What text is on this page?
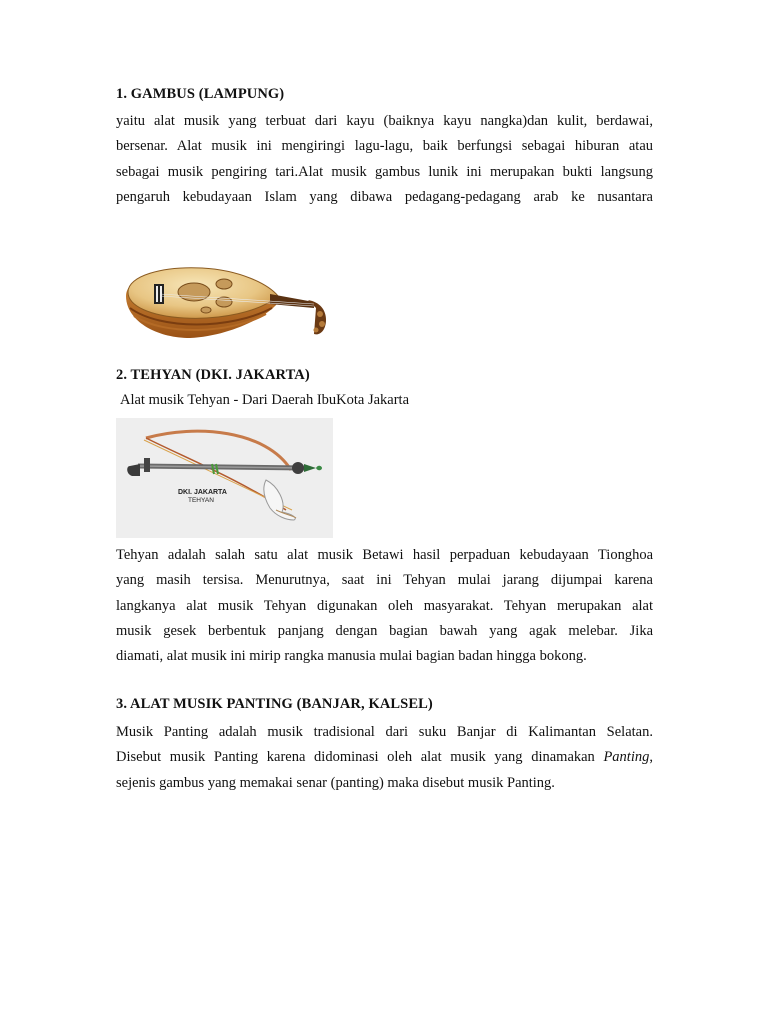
1. GAMBUS (LAMPUNG)
yaitu alat musik yang terbuat dari kayu (baiknya kayu nangka)dan kulit, berdawai,
bersenar. Alat musik ini mengiringi lagu-lagu, baik berfungsi sebagai hiburan atau
sebagai musik pengiring tari.Alat musik gambus lunik ini merupakan bukti langsung
pengaruh kebudayaan Islam yang dibawa pedagang-pedagang arab ke nusantara
2. TEHYAN (DKI. JAKARTA)
Alat musik Tehyan - Dari Daerah IbuKota Jakarta
DKI. JAKARTA
TEHYAN
Tehyan adalah salah satu alat musik Betawi hasil perpaduan kebudayaan Tionghoa
yang masih tersisa. Menurutnya, saat ini Tehyan mulai jarang dijumpai karena
langkanya alat musik Tehyan digunakan oleh masyarakat. Tehyan merupakan alat
musik gesek berbentuk panjang dengan bagian bawah yang agak melebar. Jika
diamati, alat musik ini mirip rangka manusia mulai bagian badan hingga bokong.
3. ALAT MUSIK PANTING (BANJAR, KALSEL)
Musik Panting adalah musik tradisional dari suku Banjar di Kalimantan Selatan.
Disebut musik Panting karena didominasi oleh alat musik yang dinamakan Panting,
sejenis gambus yang memakai senar (panting) maka disebut musik Panting.
